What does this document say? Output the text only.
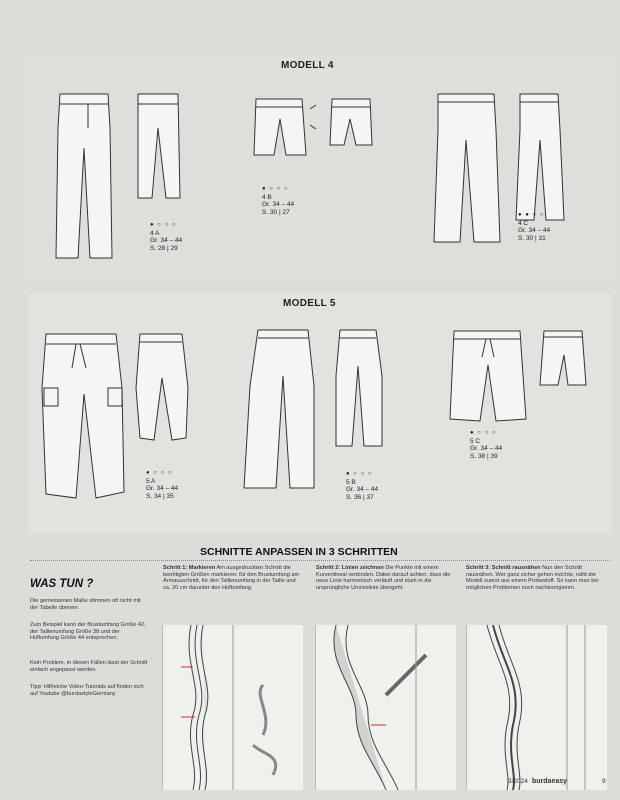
MODELL 4
● ○ ○ ○
4 A
Gr. 34 – 44
S. 28 | 29
● ○ ○ ○
4 B
Gr. 34 – 44
S. 30 | 27	● ● ○ ○
4 C
Gr. 34 – 44
S. 30 | 31
MODELL 5
● ○ ○ ○
5 A
Gr. 34 – 44
S. 34 | 35
● ○ ○ ○
5 B
Gr. 34 – 44
S. 36 | 37
● ○ ○ ○
5 C
Gr. 34 – 44
S. 38 | 39
SCHNITTE ANPASSEN IN 3 SCHRITTEN
WAS TUN ?
Die gemessenen Maße stimmen oft nicht mit der Tabelle überein.
Zum Beispiel kann der Brustumfang Größe 42, der Taillenumfang Größe 38 und der Hüftumfang Größe 44 entsprechen.
Kein Problem, in diesen Fällen lässt der Schnitt einfach angepasst werden.
Tipp: Hilfreiche Video-Tutorials auf finden sich auf Youtube @burdastyleGermany
Schritt 1: Markieren Am ausgedruckten Schnitt die benötigten Größen markieren: für den Brustumfang am Armausschnitt, für den Taillenumfang in der Taille und ca. 20 cm darunter den Hüftumfang.
Schritt 2: Linien zeichnen Die Punkte mit einem Kurvenlineal verbinden. Dabei darauf achten, dass die neue Linie harmonisch verläuft und stark in die ursprüngliche Umrisslinie übergeht.
Schritt 3: Schnitt rausnähen Nun den Schnitt rausnähen. Wer ganz sicher gehen möchte, näht die Modell zuerst aus einem Probestoff. So kann man bei möglichen Problemen noch nachkorrigieren.
3/2024 burdaeasy	9
